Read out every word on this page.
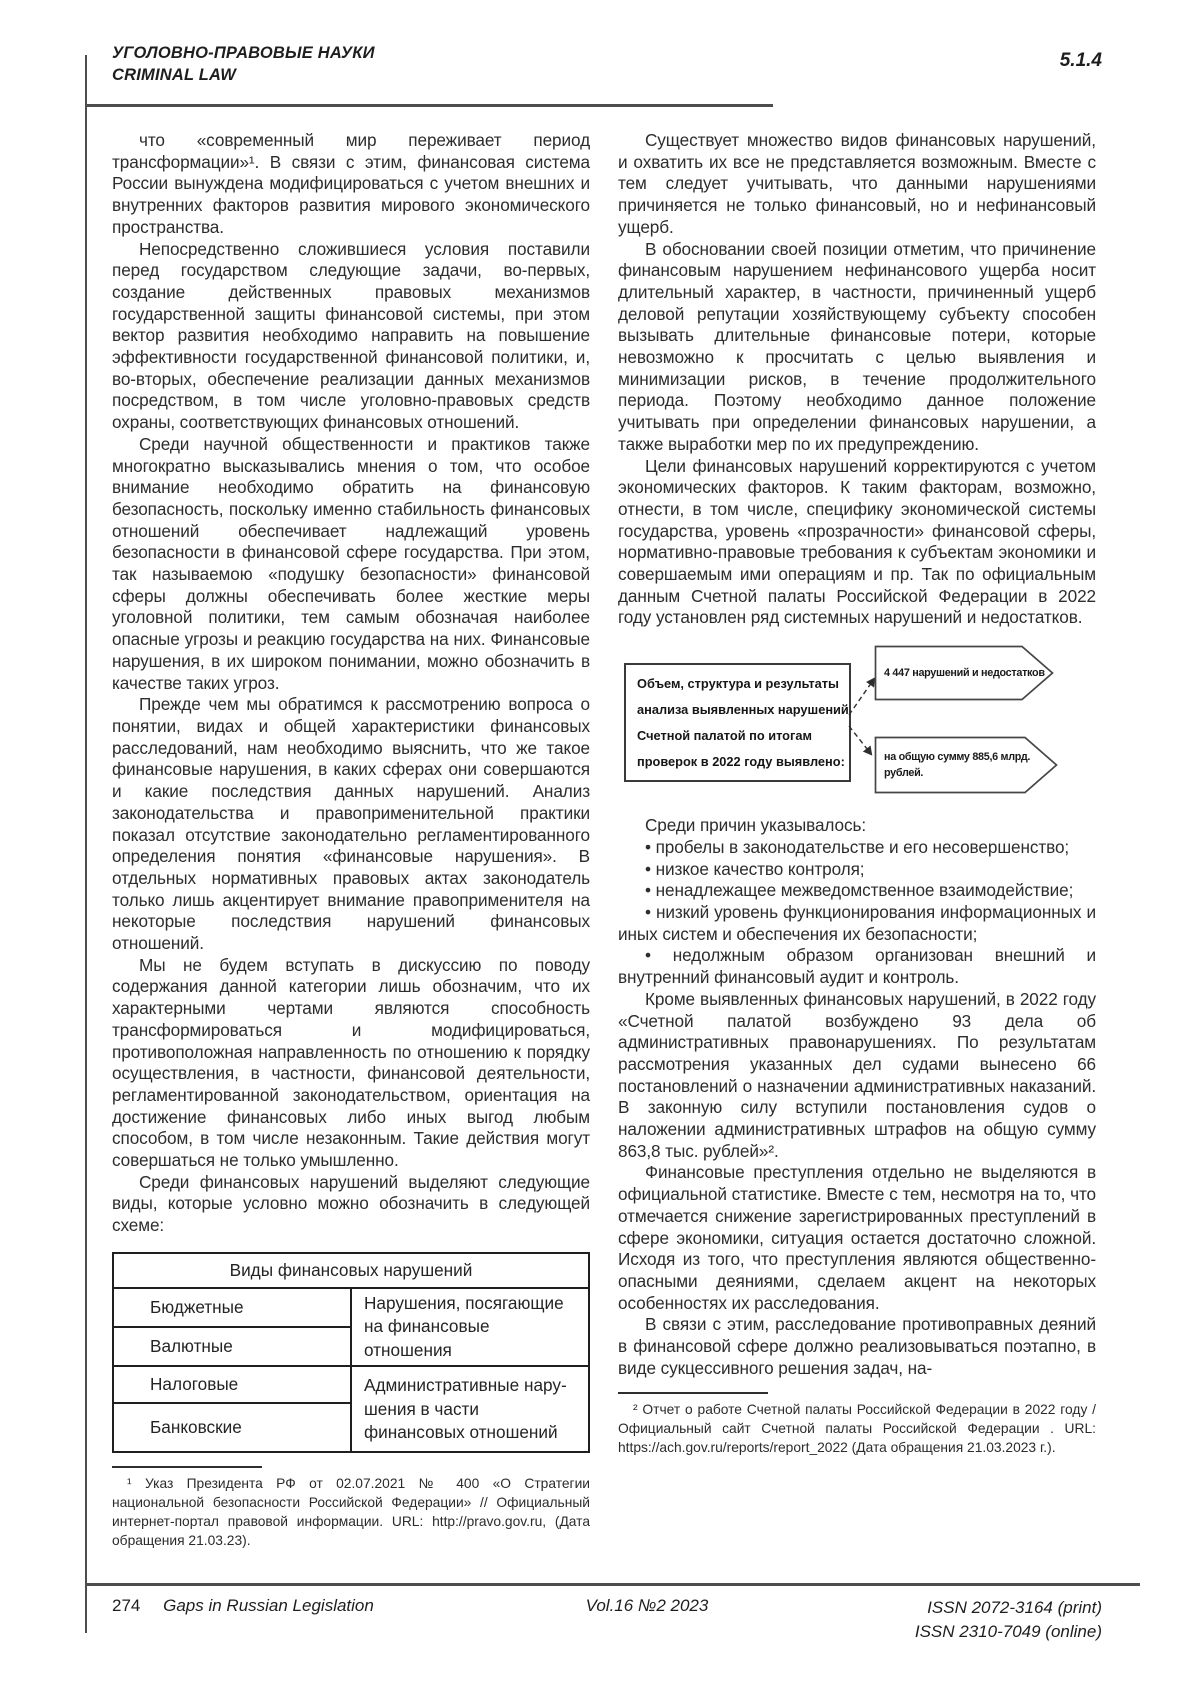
УГОЛОВНО-ПРАВОВЫЕ НАУКИ
CRIMINAL LAW
5.1.4

что «современный мир переживает период трансформации»¹. В связи с этим, финансовая система России вынуждена модифицироваться с учетом внешних и внутренних факторов развития мирового экономического пространства.

Непосредственно сложившиеся условия поставили перед государством следующие задачи, во-первых, создание действенных правовых механизмов государственной защиты финансовой системы, при этом вектор развития необходимо направить на повышение эффективности государственной финансовой политики, и, во-вторых, обеспечение реализации данных механизмов посредством, в том числе уголовно-правовых средств охраны, соответствующих финансовых отношений.

Среди научной общественности и практиков также многократно высказывались мнения о том, что особое внимание необходимо обратить на финансовую безопасность, поскольку именно стабильность финансовых отношений обеспечивает надлежащий уровень безопасности в финансовой сфере государства. При этом, так называемою «подушку безопасности» финансовой сферы должны обеспечивать более жесткие меры уголовной политики, тем самым обозначая наиболее опасные угрозы и реакцию государства на них. Финансовые нарушения, в их широком понимании, можно обозначить в качестве таких угроз.

Прежде чем мы обратимся к рассмотрению вопроса о понятии, видах и общей характеристики финансовых расследований, нам необходимо выяснить, что же такое финансовые нарушения, в каких сферах они совершаются и какие последствия данных нарушений. Анализ законодательства и правоприменительной практики показал отсутствие законодательно регламентированного определения понятия «финансовые нарушения». В отдельных нормативных правовых актах законодатель только лишь акцентирует внимание правоприменителя на некоторые последствия нарушений финансовых отношений.

Мы не будем вступать в дискуссию по поводу содержания данной категории лишь обозначим, что их характерными чертами являются способность трансформироваться и модифицироваться, противоположная направленность по отношению к порядку осуществления, в частности, финансовой деятельности, регламентированной законодательством, ориентация на достижение финансовых либо иных выгод любым способом, в том числе незаконным. Такие действия могут совершаться не только умышленно.

Среди финансовых нарушений выделяют следующие виды, которые условно можно обозначить в следующей схеме:

Виды финансовых нарушений	
Бюджетные	Нарушения, посягающие на финансовые отношения
Валютные	
Налоговые	Административные нарушения в части финансовых отношений
Банковские	

¹ Указ Президента РФ от 02.07.2021 № 400 «О Стратегии национальной безопасности Российской Федерации» // Официальный интернет-портал правовой информации. URL: http://pravo.gov.ru, (Дата обращения 21.03.23).

Существует множество видов финансовых нарушений, и охватить их все не представляется возможным. Вместе с тем следует учитывать, что данными нарушениями причиняется не только финансовый, но и нефинансовый ущерб.

В обосновании своей позиции отметим, что причинение финансовым нарушением нефинансового ущерба носит длительный характер, в частности, причиненный ущерб деловой репутации хозяйствующему субъекту способен вызывать длительные финансовые потери, которые невозможно к просчитать с целью выявления и минимизации рисков, в течение продолжительного периода. Поэтому необходимо данное положение учитывать при определении финансовых нарушении, а также выработки мер по их предупреждению.

Цели финансовых нарушений корректируются с учетом экономических факторов. К таким факторам, возможно, отнести, в том числе, специфику экономической системы государства, уровень «прозрачности» финансовой сферы, нормативно-правовые требования к субъектам экономики и совершаемым ими операциям и пр. Так по официальным данным Счетной палаты Российской Федерации в 2022 году установлен ряд системных нарушений и недостатков.

Объем, структура и результаты
анализа выявленных нарушений
Счетной палатой по итогам
проверок в 2022 году выявлено:
4 447 нарушений и недостатков
на общую сумму 885,6 млрд. рублей.

Среди причин указывалось:

• пробелы в законодательстве и его несовершенство;

• низкое качество контроля;

• ненадлежащее межведомственное взаимодействие;

• низкий уровень функционирования информационных и иных систем и обеспечения их безопасности;

• недолжным образом организован внешний и внутренний финансовый аудит и контроль.

Кроме выявленных финансовых нарушений, в 2022 году «Счетной палатой возбуждено 93 дела об административных правонарушениях. По результатам рассмотрения указанных дел судами вынесено 66 постановлений о назначении административных наказаний. В законную силу вступили постановления судов о наложении административных штрафов на общую сумму 863,8 тыс. рублей»².

Финансовые преступления отдельно не выделяются в официальной статистике. Вместе с тем, несмотря на то, что отмечается снижение зарегистрированных преступлений в сфере экономики, ситуация остается достаточно сложной. Исходя из того, что преступления являются общественно-опасными деяниями, сделаем акцент на некоторых особенностях их расследования.

В связи с этим, расследование противоправных деяний в финансовой сфере должно реализовываться поэтапно, в виде сукцессивного решения задач, на-

² Отчет о работе Счетной палаты Российской Федерации в 2022 году / Официальный сайт Счетной палаты Российской Федерации . URL: https://ach.gov.ru/reports/report_2022 (Дата обращения 21.03.2023 г.).

274 Gaps in Russian Legislation	Vol.16 №2 2023	ISSN 2072-3164 (print)
ISSN 2310-7049 (online)
